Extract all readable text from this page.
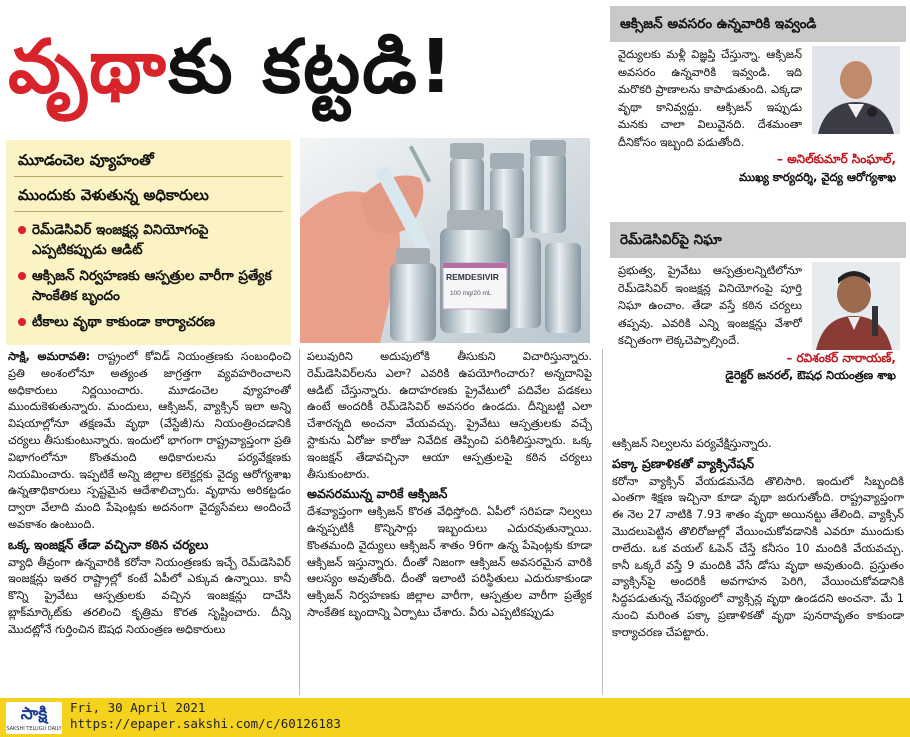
వృథాకు కట్టడి!
మూడంచెల వ్యూహంతో
ముందుకు వెళుతున్న అధికారులు
రెమ్‌డెసివిర్ ఇంజక్షన్ల వినియోగంపై ఎప్పటికప్పుడు ఆడిట్
ఆక్సిజన్ నిర్వహణకు ఆస్పత్రుల వారీగా ప్రత్యేక సాంకేతిక బృందం
టీకాలు వృథా కాకుండా కార్యాచరణ
REMDESIVIR
100 mg/20 mL
ఆక్సిజన్ అవసరం ఉన్నవారికి ఇవ్వండి
వైద్యులకు మళ్లీ విజ్ఞప్తి చేస్తున్నా. ఆక్సిజన్ అవసరం ఉన్నవారికి ఇవ్వండి. ఇది మరొకరి ప్రాణాలను కాపాడుతుంది. ఎక్కడా వృథా కానివ్వద్దు. ఆక్సిజన్ ఇప్పుడు మనకు చాలా విలువైనది. దేశమంతా దీనికోసం ఇబ్బంది పడుతోంది.
– అనిల్‌కుమార్ సింఘాల్,
ముఖ్య కార్యదర్శి, వైద్య ఆరోగ్యశాఖ
రెమ్‌డెసివిర్‌పై నిఘా
ప్రభుత్వ, ప్రైవేటు ఆస్పత్రులన్నిటిలోనూ రెమ్‌డెసివిర్ ఇంజక్షన్ల వినియోగంపై పూర్తి నిఘా ఉంచాం. తేడా వస్తే కఠిన చర్యలు తప్పవు. ఎవరికి ఎన్ని ఇంజక్షన్లు వేశారో కచ్చితంగా లెక్కచెప్పాల్సిందే.
– రవిశంకర్ నారాయణ్,
డైరెక్టర్ జనరల్, ఔషధ నియంత్రణ శాఖ

సాక్షి, అమరావతి: రాష్ట్రంలో కోవిడ్ నియంత్రణకు సంబంధించి ప్రతి అంశంలోనూ అత్యంత జాగ్రత్తగా వ్యవహరించాలని అధికారులు నిర్ణయించారు. మూడంచెల వ్యూహంతో ముందుకెళుతున్నారు. మందులు, ఆక్సిజన్, వ్యాక్సిన్ ఇలా అన్ని విషయాల్లోనూ తక్షణమే వృథా (వేస్టేజీ)ను నియంత్రించడానికి చర్యలు తీసుకుంటున్నారు. ఇందులో భాగంగా రాష్ట్రవ్యాప్తంగా ప్రతి విభాగంలోనూ కొంతమంది అధికారులను పర్యవేక్షణకు నియమించారు. ఇప్పటికే అన్ని జిల్లాల కలెక్టర్లకు వైద్య ఆరోగ్యశాఖ ఉన్నతాధికారులు స్పష్టమైన ఆదేశాలిచ్చారు. వృథాను అరికట్టడం ద్వారా వేలాది మంది పేషెంట్లకు అదనంగా వైద్యసేవలు అందించే అవకాశం ఉంటుంది.

ఒక్క ఇంజక్షన్ తేడా వచ్చినా కఠిన చర్యలు

వ్యాధి తీవ్రంగా ఉన్నవారికి కరోనా నియంత్రణకు ఇచ్చే రెమ్‌డెసివిర్ ఇంజక్షన్లు ఇతర రాష్ట్రాల్లో కంటే ఏపీలో ఎక్కువ ఉన్నాయి. కానీ కొన్ని ప్రైవేటు ఆస్పత్రులకు వచ్చిన ఇంజక్షన్లు దాచేసి బ్లాక్‌మార్కెట్‌కు తరలించి కృత్రిమ కొరత సృష్టించారు. దీన్ని మొదట్లోనే గుర్తించిన ఔషధ నియంత్రణ అధికారులు

పలువురిని అదుపులోకి తీసుకుని విచారిస్తున్నారు. రెమ్‌డెసివిర్‌లను ఎలా? ఎవరికి ఉపయోగించారు? అన్నదానిపై ఆడిట్ చేస్తున్నారు. ఉదాహరణకు ప్రైవేటులో పదివేల పడకలు ఉంటే అందరికీ రెమ్‌డెసివిర్ అవసరం ఉండదు. దీన్నిబట్టి ఎలా చేశారన్నది అంచనా వేయవచ్చు. ప్రైవేటు ఆస్పత్రులకు వచ్చే స్టాకును ఏరోజు కారోజు నివేదిక తెప్పించి పరిశీలిస్తున్నారు. ఒక్క ఇంజక్షన్ తేడావచ్చినా ఆయా ఆస్పత్రులపై కఠిన చర్యలు తీసుకుంటారు.

అవసరమున్న వారికే ఆక్సిజన్

దేశవ్యాప్తంగా ఆక్సిజన్ కొరత వేధిస్తోంది. ఏపీలో సరిపడా నిల్వలు ఉన్నప్పటికీ కొన్నిసార్లు ఇబ్బందులు ఎదురవుతున్నాయి. కొంతమంది వైద్యులు ఆక్సిజన్ శాతం 96గా ఉన్న పేషెంట్లకు కూడా ఆక్సిజన్ ఇస్తున్నారు. దీంతో నిజంగా ఆక్సిజన్ అవసరమైన వారికి ఆలస్యం అవుతోంది. దీంతో ఇలాంటి పరిస్థితులు ఎదురుకాకుండా ఆక్సిజన్ నిర్వహణకు జిల్లాల వారీగా, ఆస్పత్రుల వారీగా ప్రత్యేక సాంకేతిక బృందాన్ని ఏర్పాటు చేశారు. వీరు ఎప్పటికప్పుడు

ఆక్సిజన్ నిల్వలను పర్యవేక్షిస్తున్నారు.

పక్కా ప్రణాళికతో వ్యాక్సినేషన్

కరోనా వ్యాక్సిన్ వేయడమనేది తొలిసారి. ఇందులో సిబ్బందికి ఎంతగా శిక్షణ ఇచ్చినా కూడా వృథా జరుగుతోంది. రాష్ట్రవ్యాప్తంగా ఈ నెల 27 నాటికి 7.93 శాతం వృథా అయినట్టు తేలింది. వ్యాక్సిన్ మొదలుపెట్టిన తొలిరోజుల్లో వేయించుకోవడానికి ఎవరూ ముందుకు రాలేదు. ఒక వయల్ ఓపెన్ చేస్తే కనీసం 10 మందికి వేయవచ్చు. కానీ ఒక్కరే వస్తే 9 మందికి వేసే డోసు వృథా అవుతుంది. ప్రస్తుతం వ్యాక్సిన్‌పై అందరికీ అవగాహన పెరిగి, వేయించుకోవడానికి సిద్ధపడుతున్న నేపథ్యంలో వ్యాక్సిన్ల వృథా ఉండదని అంచనా. మే 1 నుంచి మరింత పక్కా ప్రణాళికతో వృథా పునరావృతం కాకుండా కార్యాచరణ చేపట్టారు.

సాక్షి
SAKSHI TELUGU DAILY
Fri, 30 April 2021
https://epaper.sakshi.com/c/60126183
